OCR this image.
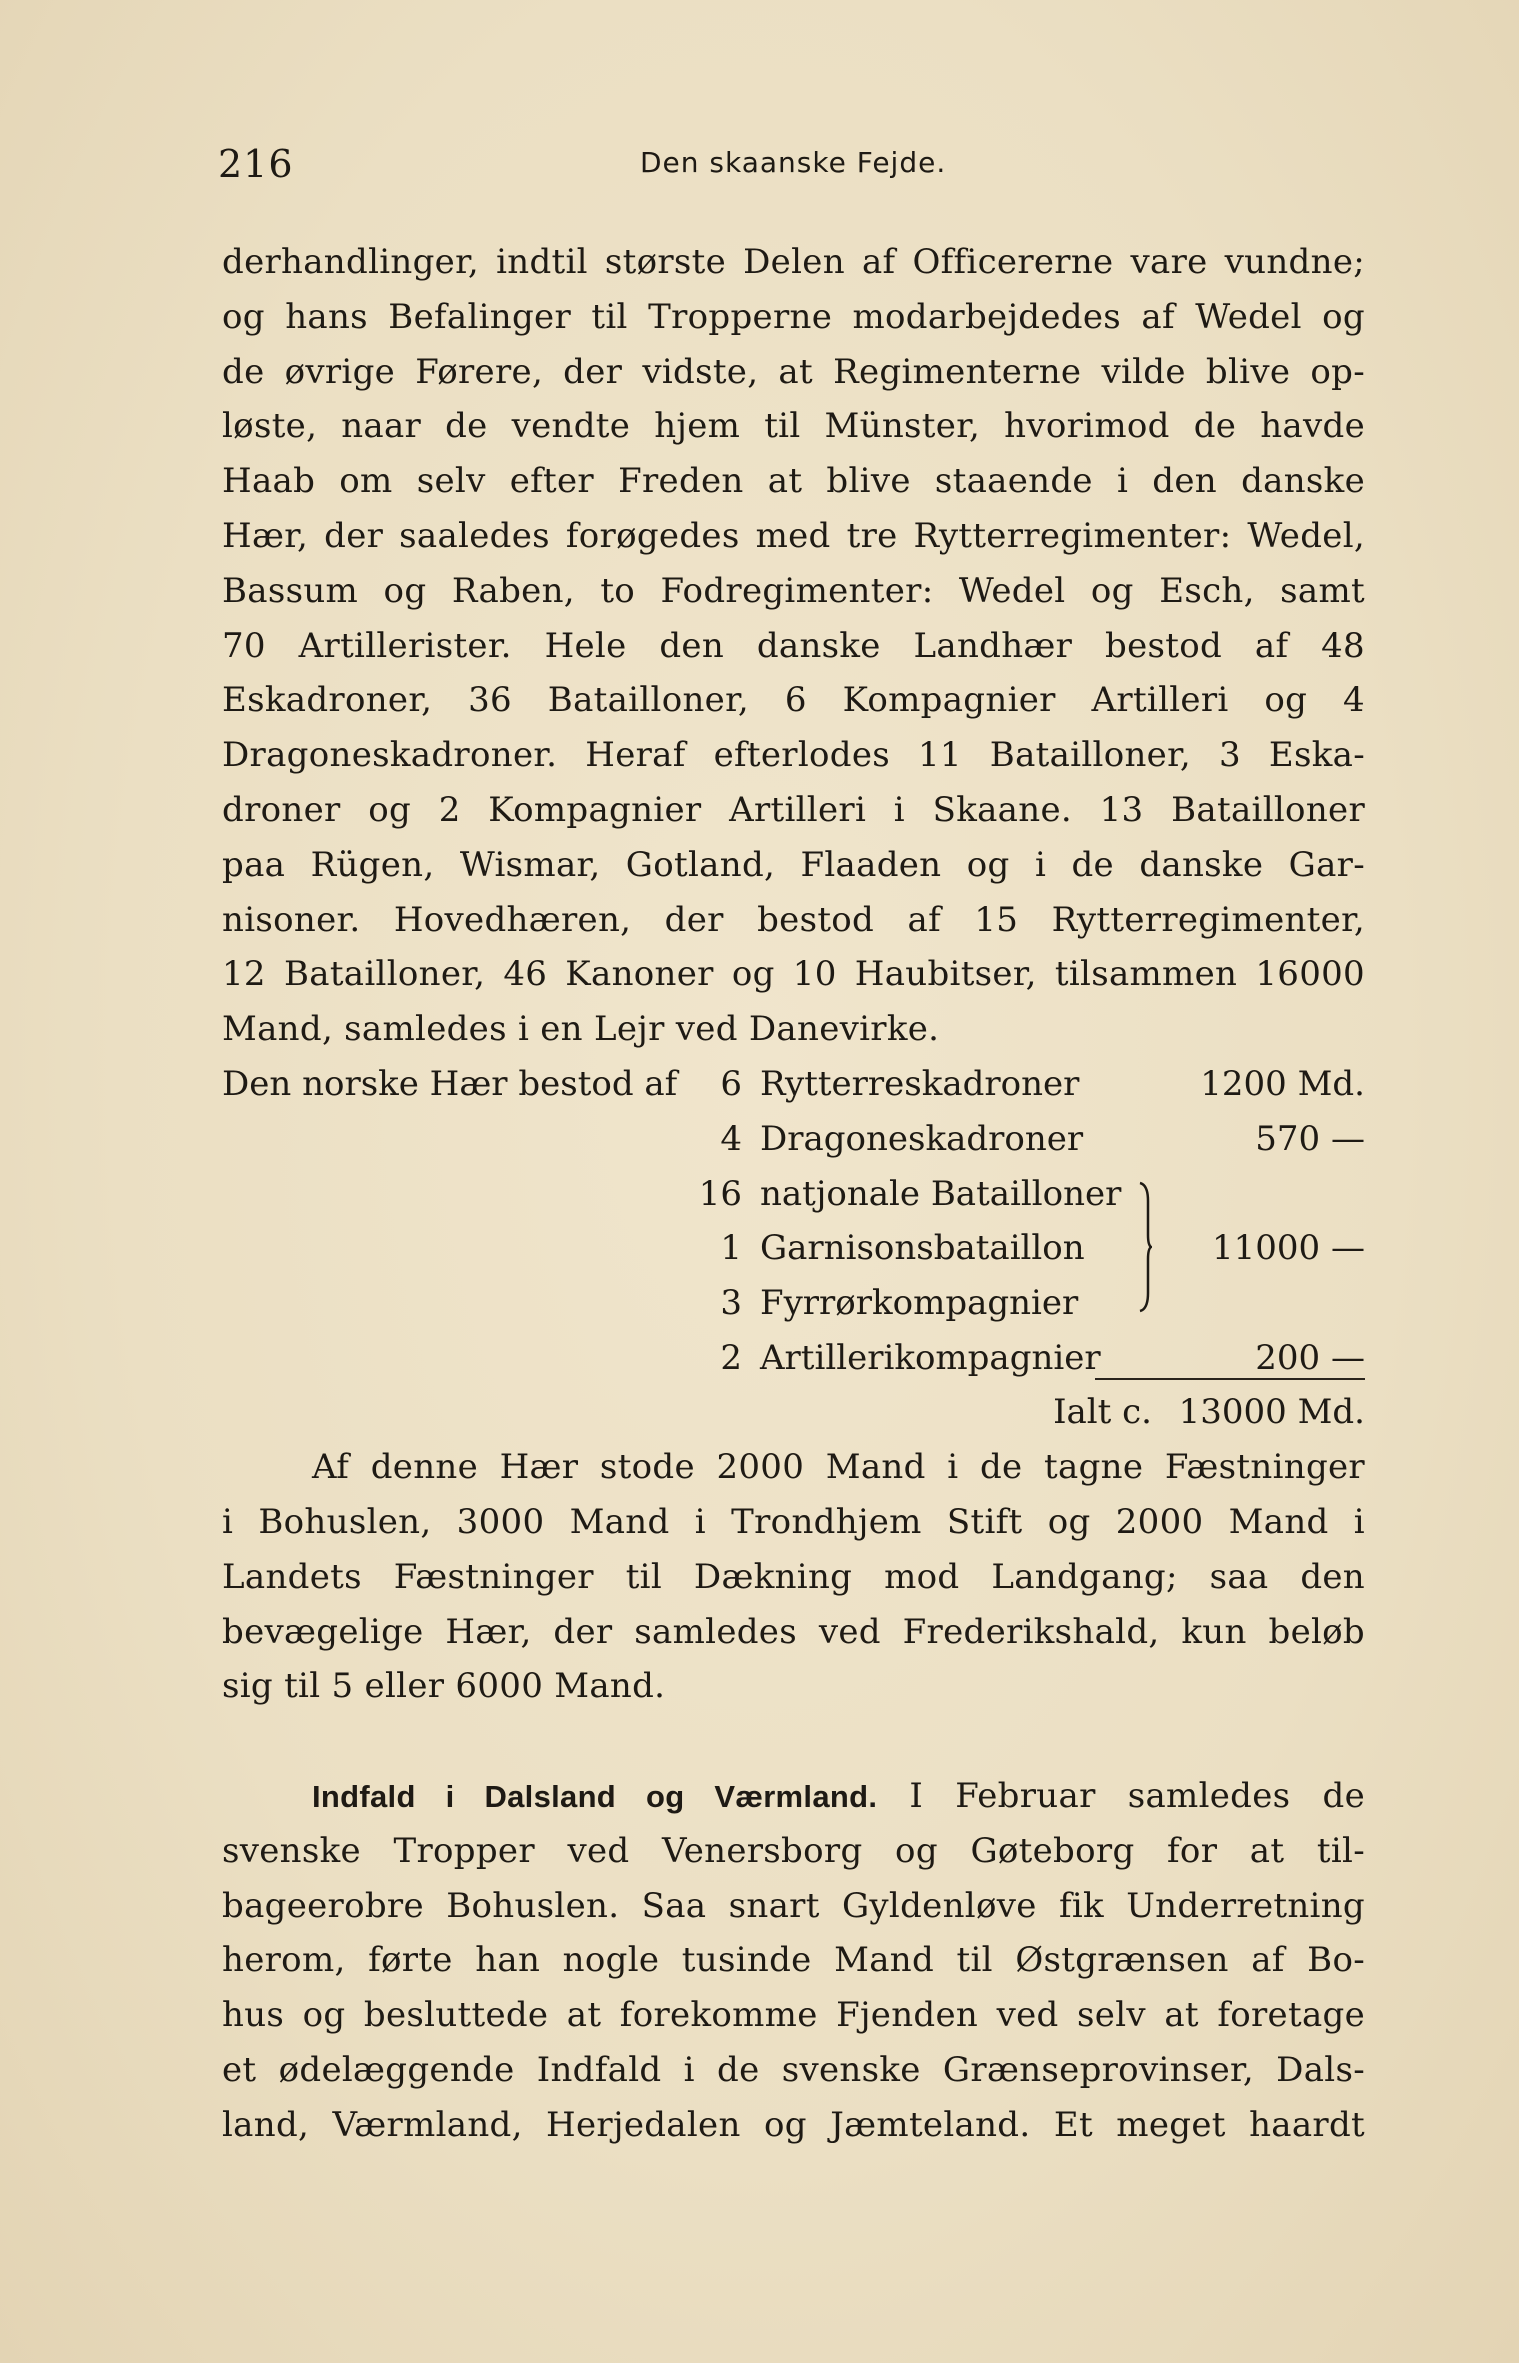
216	Den skaanske Fejde.
derhandlinger, indtil største Delen af Officererne vare vundne;
og hans Befalinger til Tropperne modarbejdedes af Wedel og
de øvrige Førere, der vidste, at Regimenterne vilde blive op-
løste, naar de vendte hjem til Münster, hvorimod de havde
Haab om selv efter Freden at blive staaende i den danske
Hær, der saaledes forøgedes med tre Rytterregimenter: Wedel,
Bassum og Raben, to Fodregimenter: Wedel og Esch, samt
70 Artillerister. Hele den danske Landhær bestod af 48
Eskadroner, 36 Batailloner, 6 Kompagnier Artilleri og 4
Dragoneskadroner. Heraf efterlodes 11 Batailloner, 3 Eska-
droner og 2 Kompagnier Artilleri i Skaane. 13 Batailloner
paa Rügen, Wismar, Gotland, Flaaden og i de danske Gar-
nisoner. Hovedhæren, der bestod af 15 Rytterregimenter,
12 Batailloner, 46 Kanoner og 10 Haubitser, tilsammen 16000
Mand, samledes i en Lejr ved Danevirke.
Den norske Hær bestod af	6
4
16
1
3
2
Rytterreskadroner
Dragoneskadroner
natjonale Batailloner
Garnisonsbataillon
Fyrrørkompagnier
Artillerikompagnier
1200 Md.
570 —
11000 —
200 —
Ialt c. 13000 Md.
Af denne Hær stode 2000 Mand i de tagne Fæstninger
i Bohuslen, 3000 Mand i Trondhjem Stift og 2000 Mand i
Landets Fæstninger til Dækning mod Landgang; saa den
bevægelige Hær, der samledes ved Frederikshald, kun beløb
sig til 5 eller 6000 Mand.
Indfald i Dalsland og Værmland. I Februar samledes de
svenske Tropper ved Venersborg og Gøteborg for at til-
bageerobre Bohuslen. Saa snart Gyldenløve fik Underretning
herom, førte han nogle tusinde Mand til Østgrænsen af Bo-
hus og besluttede at forekomme Fjenden ved selv at foretage
et ødelæggende Indfald i de svenske Grænseprovinser, Dals-
land, Værmland, Herjedalen og Jæmteland. Et meget haardt
